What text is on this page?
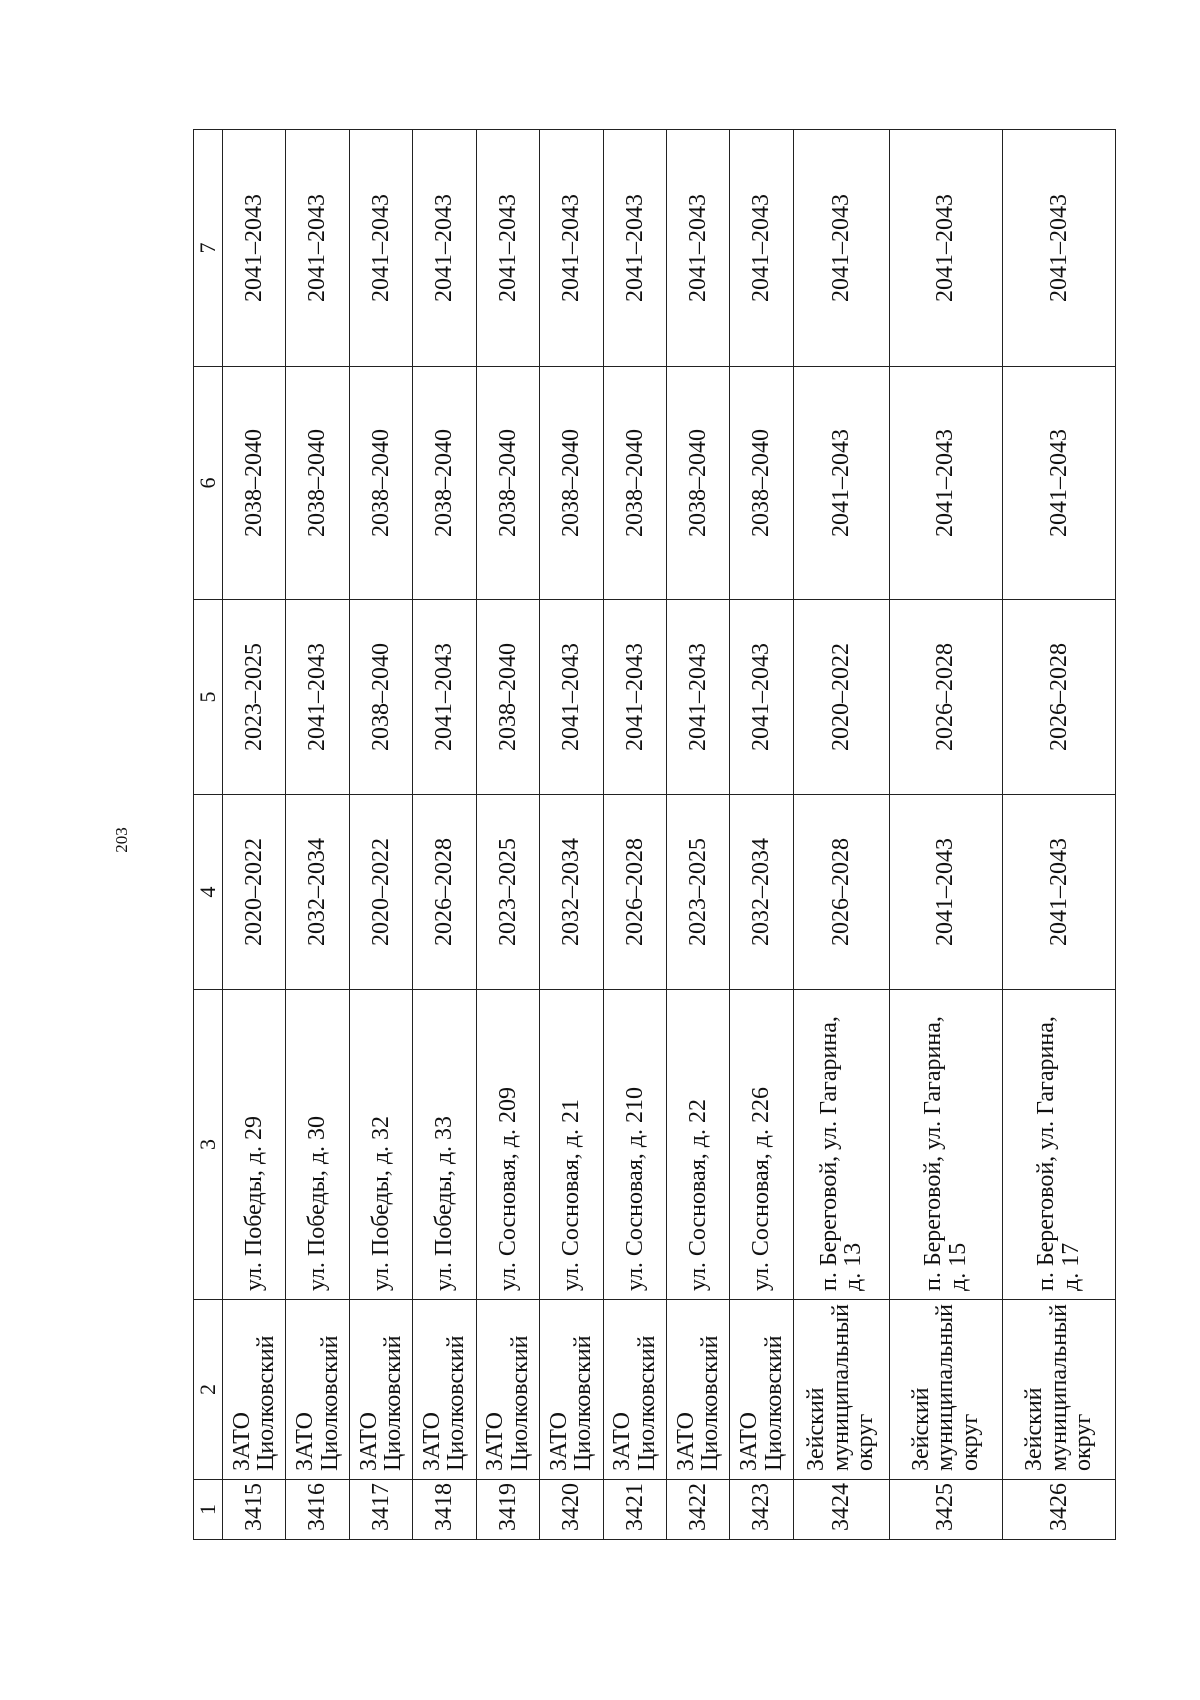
203
1	2	3	4	5	6	7
3415	ЗАТО Циолковский	ул. Победы, д. 29	2020–2022	2023–2025	2038–2040	2041–2043
3416	ЗАТО Циолковский	ул. Победы, д. 30	2032–2034	2041–2043	2038–2040	2041–2043
3417	ЗАТО Циолковский	ул. Победы, д. 32	2020–2022	2038–2040	2038–2040	2041–2043
3418	ЗАТО Циолковский	ул. Победы, д. 33	2026–2028	2041–2043	2038–2040	2041–2043
3419	ЗАТО Циолковский	ул. Сосновая, д. 209	2023–2025	2038–2040	2038–2040	2041–2043
3420	ЗАТО Циолковский	ул. Сосновая, д. 21	2032–2034	2041–2043	2038–2040	2041–2043
3421	ЗАТО Циолковский	ул. Сосновая, д. 210	2026–2028	2041–2043	2038–2040	2041–2043
3422	ЗАТО Циолковский	ул. Сосновая, д. 22	2023–2025	2041–2043	2038–2040	2041–2043
3423	ЗАТО Циолковский	ул. Сосновая, д. 226	2032–2034	2041–2043	2038–2040	2041–2043
3424	Зейский муниципальный округ	п. Береговой, ул. Гагарина, д. 13	2026–2028	2020–2022	2041–2043	2041–2043
3425	Зейский муниципальный округ	п. Береговой, ул. Гагарина, д. 15	2041–2043	2026–2028	2041–2043	2041–2043
3426	Зейский муниципальный округ	п. Береговой, ул. Гагарина, д. 17	2041–2043	2026–2028	2041–2043	2041–2043
